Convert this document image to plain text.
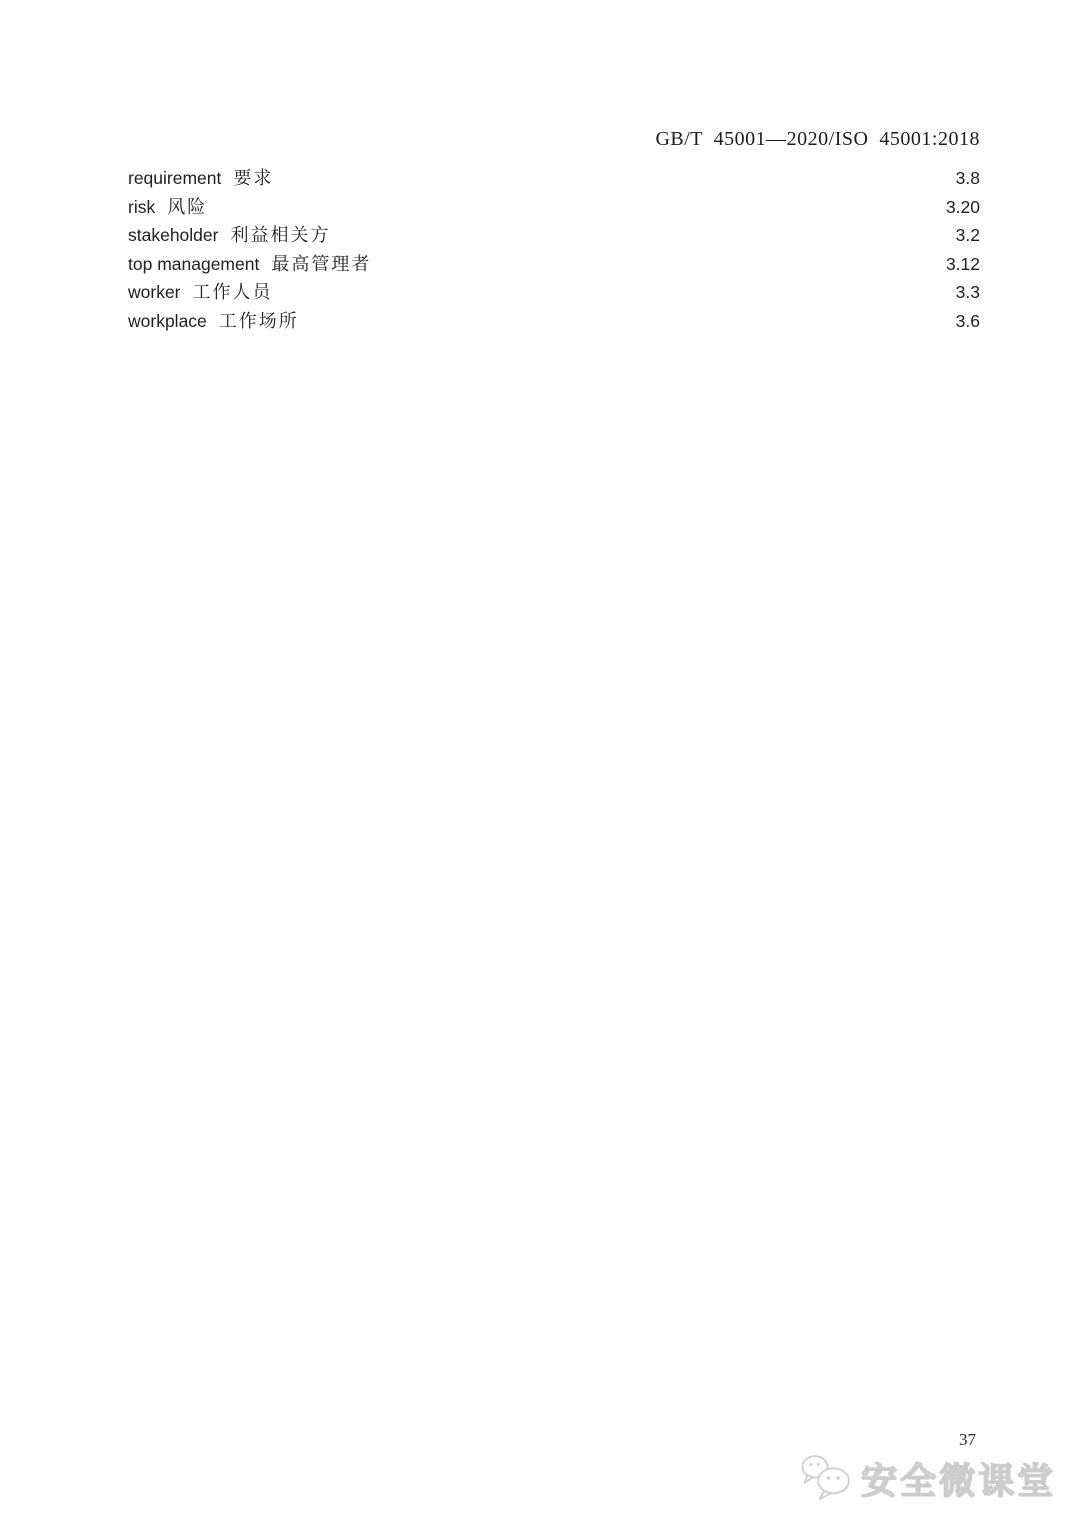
GB/T  45001—2020/ISO  45001:2018
requirement 要求	3.8
risk 风险	3.20
stakeholder 利益相关方	3.2
top management 最高管理者	3.12
worker 工作人员	3.3
workplace 工作场所	3.6
37
安全微课堂
